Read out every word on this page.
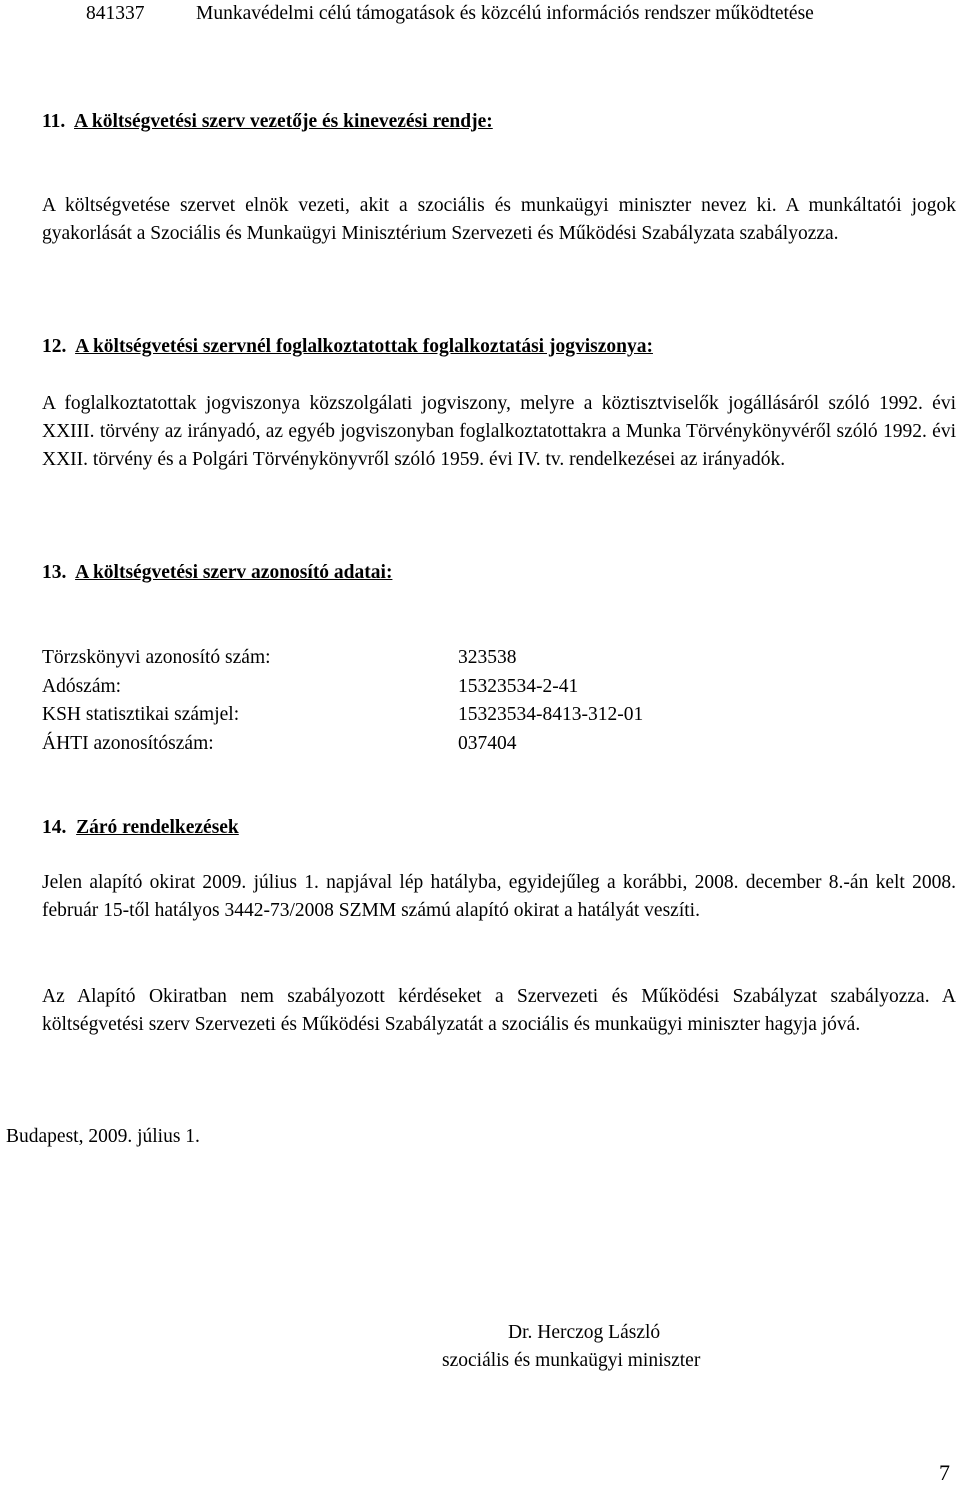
841337	Munkavédelmi célú támogatások és közcélú információs rendszer működtetése
11.  A költségvetési szerv vezetője és kinevezési rendje:

A költségvetése szervet elnök vezeti, akit a szociális és munkaügyi miniszter nevez ki. A munkáltatói jogok gyakorlását a Szociális és Munkaügyi Minisztérium Szervezeti és Működési Szabályzata szabályozza.

12.  A költségvetési szervnél foglalkoztatottak foglalkoztatási jogviszonya:

A foglalkoztatottak jogviszonya közszolgálati jogviszony, melyre a köztisztviselők jogállásáról szóló 1992. évi XXIII. törvény az irányadó, az egyéb jogviszonyban foglalkoztatottakra a Munka Törvénykönyvéről szóló 1992. évi XXII. törvény és a Polgári Törvénykönyvről szóló 1959. évi IV. tv. rendelkezései az irányadók.

13.  A költségvetési szerv azonosító adatai:
Törzskönyvi azonosító szám:	323538
Adószám:	15323534-2-41
KSH statisztikai számjel:	15323534-8413-312-01
ÁHTI azonosítószám:	037404
14.  Záró rendelkezések

Jelen alapító okirat 2009. július 1. napjával lép hatályba, egyidejűleg a korábbi, 2008. december 8.-án kelt 2008. február 15-től hatályos 3442-73/2008 SZMM számú alapító okirat a hatályát veszíti.

Az Alapító Okiratban nem szabályozott kérdéseket a Szervezeti és Működési Szabályzat szabályozza. A költségvetési szerv Szervezeti és Működési Szabályzatát a szociális és munkaügyi miniszter hagyja jóvá.

Budapest, 2009. július 1.
Dr. Herczog László
szociális és munkaügyi miniszter
7
